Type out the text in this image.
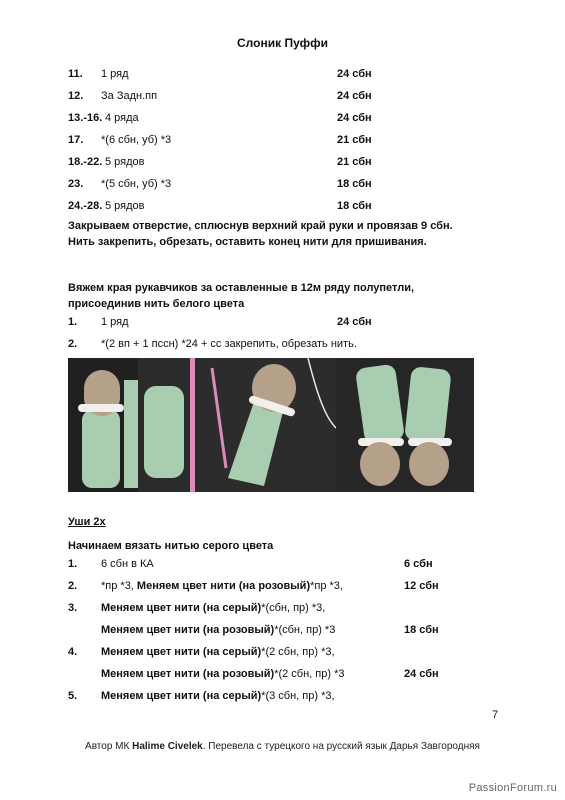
Слоник Пуффи
11. 1 ряд	24 сбн
12. За Задн.пп	24 сбн
13.-16. 4 ряда	24 сбн
17. *(6 сбн, уб) *3	21 сбн
18.-22. 5 рядов	21 сбн
23. *(5 сбн, уб) *3	18 сбн
24.-28. 5 рядов	18 сбн
Закрываем отверстие, сплюснув верхний край руки и провязав 9 сбн. Нить закрепить, обрезать, оставить конец нити для пришивания.
Вяжем края рукавчиков за оставленные в 12м ряду полупетли, присоединив нить белого цвета
1. 1 ряд	24 сбн
2. *(2 вп + 1 пссн) *24 + сс закрепить, обрезать нить.
Уши 2х
Начинаем вязать нитью серого цвета
1. 6 сбн в КА	6 сбн
2. *пр *3, Меняем цвет нити (на розовый)*пр *3,	12 сбн
3. Меняем цвет нити (на серый)*(сбн, пр) *3,
Меняем цвет нити (на розовый)*(сбн, пр) *3	18 сбн
4. Меняем цвет нити (на серый)*(2 сбн, пр) *3,
Меняем цвет нити (на розовый)*(2 сбн, пр) *3	24 сбн
5. Меняем цвет нити (на серый)*(3 сбн, пр) *3,
7
Автор МК Halime Civelek. Перевела с турецкого на русский язык Дарья Завгородняя
PassionForum.ru
